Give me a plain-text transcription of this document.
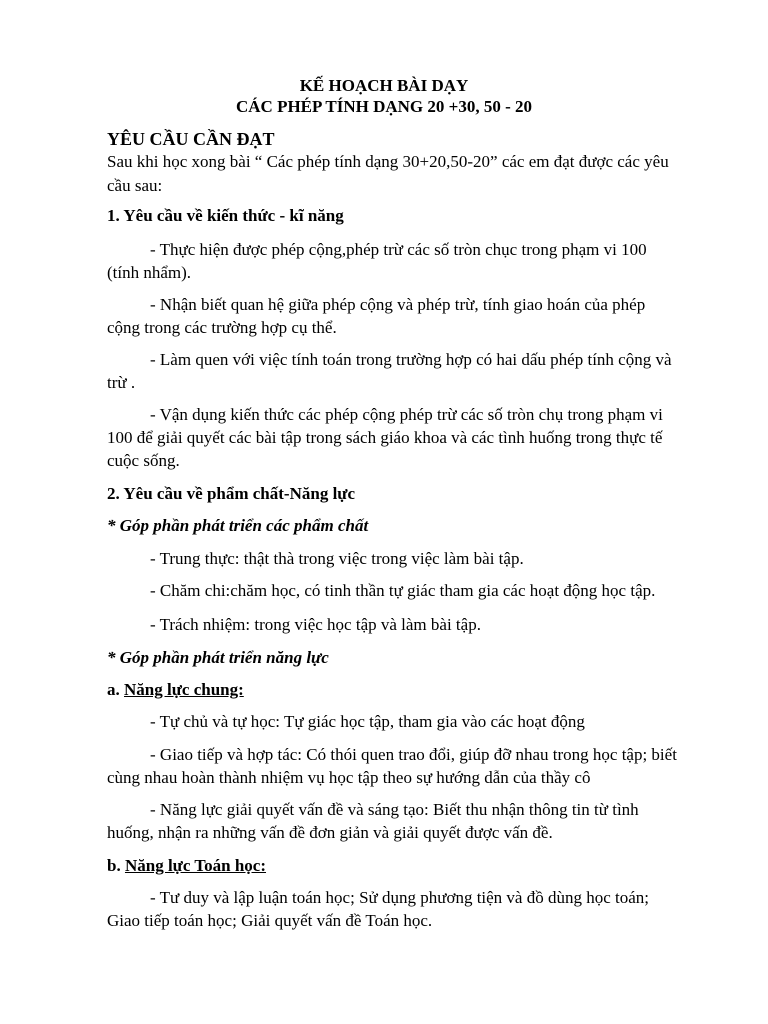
KẾ HOẠCH BÀI DẠY
CÁC PHÉP TÍNH DẠNG 20 +30, 50 - 20
YÊU CẦU CẦN ĐẠT
Sau khi học xong bài “ Các phép tính dạng 30+20,50-20” các em đạt được các yêu
cầu sau:
1. Yêu cầu về kiến thức - kĩ năng
- Thực hiện được phép cộng,phép trừ các số tròn chục trong phạm vi 100
(tính nhẩm).
- Nhận biết quan hệ giữa phép cộng và phép trừ, tính giao hoán của phép
cộng trong các trường hợp cụ thể.
- Làm quen với việc tính toán trong trường hợp có hai dấu phép tính cộng và
trừ .
- Vận dụng kiến thức các phép cộng phép trừ các số tròn chụ trong phạm vi
100 để giải quyết các bài tập trong sách giáo khoa và các tình huống trong thực tế
cuộc sống.
2. Yêu cầu về phẩm chất-Năng lực
* Góp phần phát triển các phẩm chất
- Trung thực: thật thà trong việc trong việc làm bài tập.
- Chăm chi:chăm học, có tinh thần tự giác tham gia các hoạt động học tập.
- Trách nhiệm: trong việc học tập và làm bài tập.
* Góp phần phát triển năng lực
a. Năng lực chung:
- Tự chủ và tự học: Tự giác học tập, tham gia vào các hoạt động
- Giao tiếp và hợp tác: Có thói quen trao đổi, giúp đỡ nhau trong học tập; biết
cùng nhau hoàn thành nhiệm vụ học tập theo sự hướng dẫn của thầy cô
- Năng lực giải quyết vấn đề và sáng tạo: Biết thu nhận thông tin từ tình
huống, nhận ra những vấn đề đơn giản và giải quyết được vấn đề.
b. Năng lực Toán học:
- Tư duy và lập luận toán học; Sử dụng phương tiện và đồ dùng học toán;
Giao tiếp toán học; Giải quyết vấn đề Toán học.
